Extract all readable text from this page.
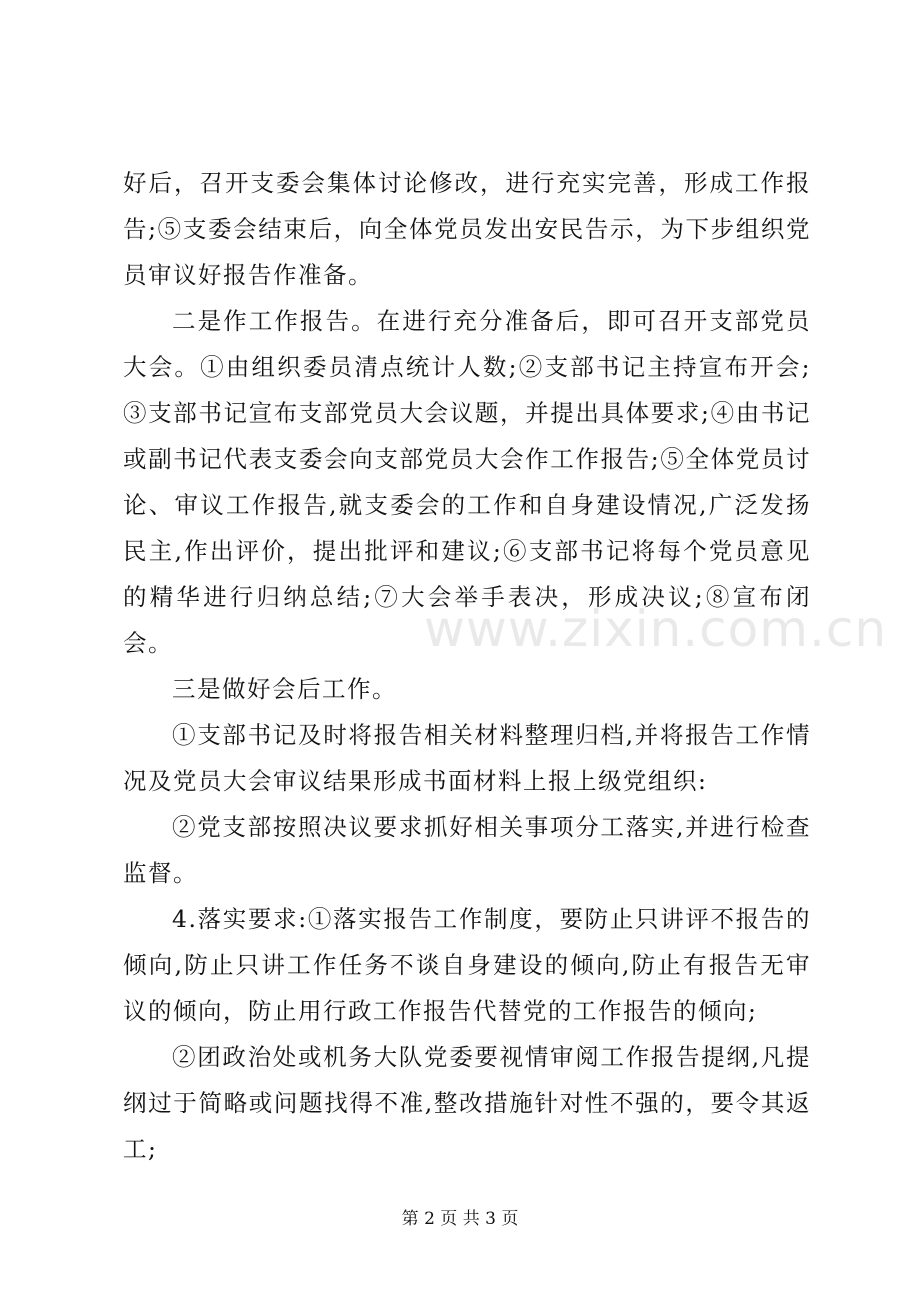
好后，召开支委会集体讨论修改，进行充实完善，形成工作报告;⑤支委会结束后，向全体党员发出安民告示，为下步组织党员审议好报告作准备。

二是作工作报告。在进行充分准备后，即可召开支部党员大会。①由组织委员清点统计人数;②支部书记主持宣布开会;③支部书记宣布支部党员大会议题，并提出具体要求;④由书记或副书记代表支委会向支部党员大会作工作报告;⑤全体党员讨论、审议工作报告,就支委会的工作和自身建设情况,广泛发扬民主,作出评价，提出批评和建议;⑥支部书记将每个党员意见的精华进行归纳总结;⑦大会举手表决，形成决议;⑧宣布闭会。

三是做好会后工作。

①支部书记及时将报告相关材料整理归档,并将报告工作情况及党员大会审议结果形成书面材料上报上级党组织:

②党支部按照决议要求抓好相关事项分工落实,并进行检查监督。

4.落实要求:①落实报告工作制度，要防止只讲评不报告的倾向,防止只讲工作任务不谈自身建设的倾向,防止有报告无审议的倾向，防止用行政工作报告代替党的工作报告的倾向;

②团政治处或机务大队党委要视情审阅工作报告提纲,凡提纲过于简略或问题找得不准,整改措施针对性不强的，要令其返工;

www.zixin.com.cn
第 2 页 共 3 页
